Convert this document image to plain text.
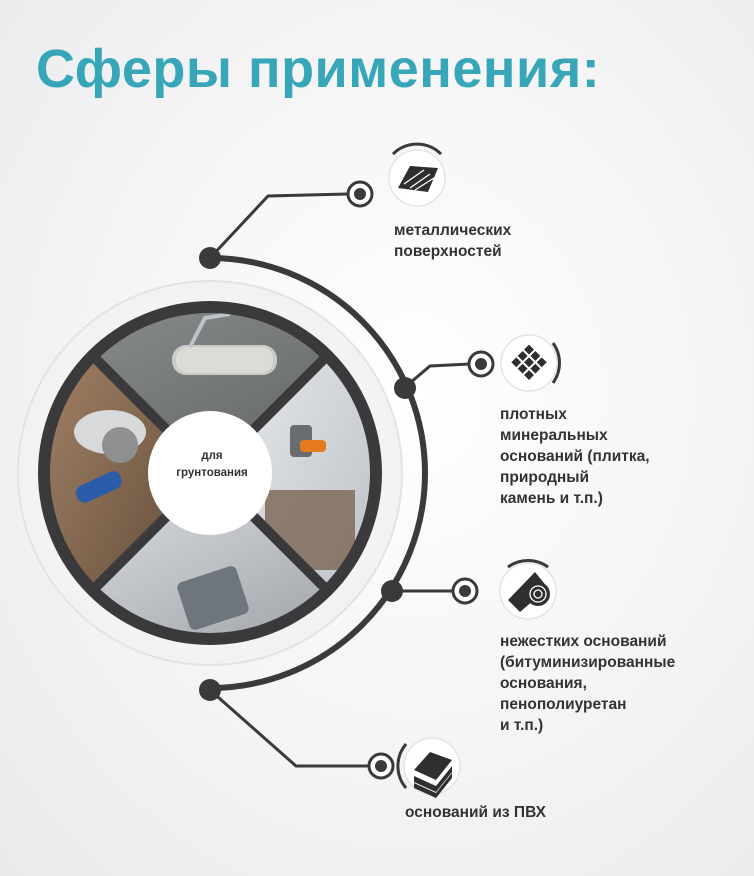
Сферы применения:
для
грунтования
металлических
поверхностей
плотных
минеральных
оснований (плитка,
природный
камень и т.п.)
нежестких оснований
(битуминизированные
основания,
пенополиуретан
и т.п.)
оснований из ПВХ
